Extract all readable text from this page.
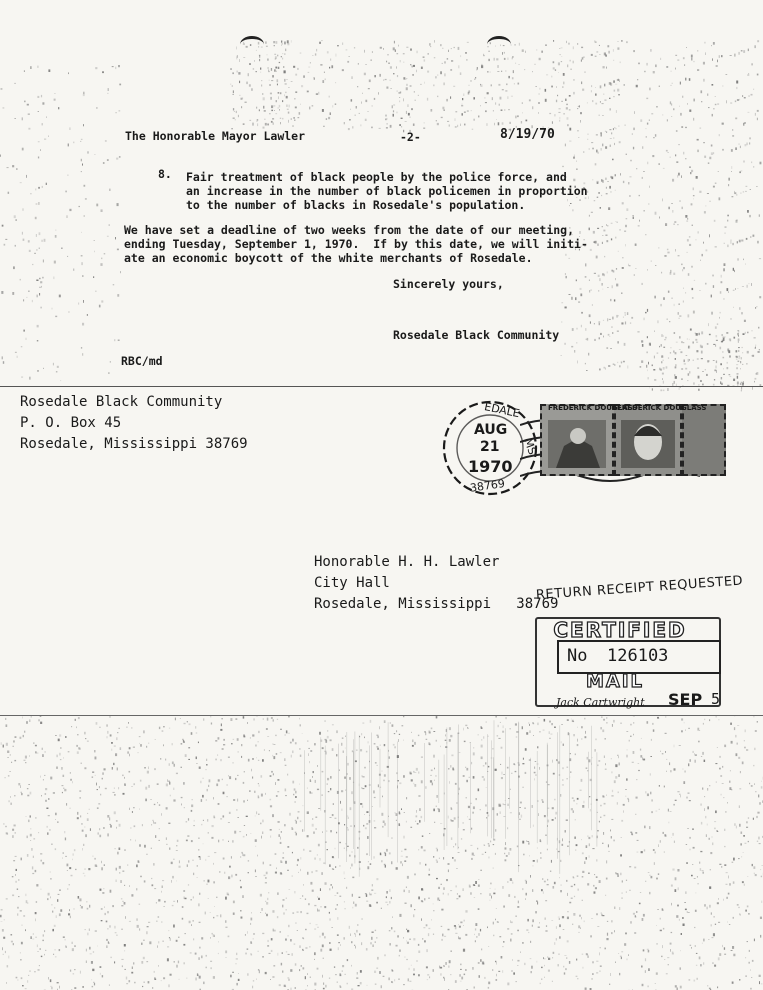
The Honorable Mayor Lawler	-2-	8/19/70
8. Fair treatment of black people by the police force, and
an increase in the number of black policemen in proportion
to the number of blacks in Rosedale's population.
We have set a deadline of two weeks from the date of our meeting,
ending Tuesday, September 1, 1970.  If by this date, we will initi-
ate an economic boycott of the white merchants of Rosedale.
Sincerely yours,
Rosedale Black Community
RBC/md
Rosedale Black Community
P. O. Box 45
Rosedale, Mississippi 38769
Honorable H. H. Lawler
City Hall
Rosedale, Mississippi   38769
EDALE
MS
AUG
21
1970
38769
FREDERICK DOUGLASS
FREDERICK DOUGLASS
RETURN RECEIPT REQUESTED
CERTIFIED
No 126103
MAIL
Jack Cartwright SEP 5
